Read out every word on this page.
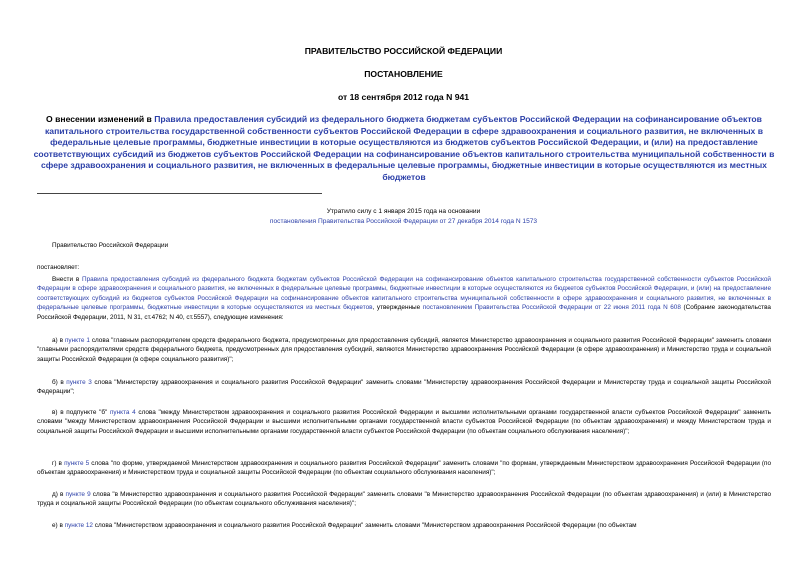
ПРАВИТЕЛЬСТВО РОССИЙСКОЙ ФЕДЕРАЦИИ
ПОСТАНОВЛЕНИЕ
от 18 сентября 2012 года N 941
О внесении изменений в Правила предоставления субсидий из федерального бюджета бюджетам субъектов Российской Федерации на софинансирование объектов капитального строительства государственной собственности субъектов Российской Федерации в сфере здравоохранения и социального развития, не включенных в федеральные целевые программы, бюджетные инвестиции в которые осуществляются из бюджетов субъектов Российской Федерации, и (или) на предоставление соответствующих субсидий из бюджетов субъектов Российской Федерации на софинансирование объектов капитального строительства муниципальной собственности в сфере здравоохранения и социального развития, не включенных в федеральные целевые программы, бюджетные инвестиции в которые осуществляются из местных бюджетов
Утратило силу с 1 января 2015 года на основании
постановления Правительства Российской Федерации от 27 декабря 2014 года N 1573
Правительство Российской Федерации
постановляет:
Внести в Правила предоставления субсидий из федерального бюджета бюджетам субъектов Российской Федерации на софинансирование объектов капитального строительства государственной собственности субъектов Российской Федерации в сфере здравоохранения и социального развития, не включенных в федеральные целевые программы, бюджетные инвестиции в которые осуществляются из бюджетов субъектов Российской Федерации, и (или) на предоставление соответствующих субсидий из бюджетов субъектов Российской Федерации на софинансирование объектов капитального строительства муниципальной собственности в сфере здравоохранения и социального развития, не включенных в федеральные целевые программы, бюджетные инвестиции в которые осуществляются из местных бюджетов, утвержденные постановлением Правительства Российской Федерации от 22 июня 2011 года N 608 (Собрание законодательства Российской Федерации, 2011, N 31, ст.4762; N 40, ст.5557), следующие изменения:
а) в пункте 1 слова "главным распорядителем средств федерального бюджета, предусмотренных для предоставления субсидий, является Министерство здравоохранения и социального развития Российской Федерации" заменить словами "главными распорядителями средств федерального бюджета, предусмотренных для предоставления субсидий, являются Министерство здравоохранения Российской Федерации (в сфере здравоохранения) и Министерство труда и социальной защиты Российской Федерации (в сфере социального развития)";
б) в пункте 3 слова "Министерству здравоохранения и социального развития Российской Федерации" заменить словами "Министерству здравоохранения Российской Федерации и Министерству труда и социальной защиты Российской Федерации";
в) в подпункте "б" пункта 4 слова "между Министерством здравоохранения и социального развития Российской Федерации и высшими исполнительными органами государственной власти субъектов Российской Федерации" заменить словами "между Министерством здравоохранения Российской Федерации и высшими исполнительными органами государственной власти субъектов Российской Федерации (по объектам здравоохранения) и между Министерством труда и социальной защиты Российской Федерации и высшими исполнительными органами государственной власти субъектов Российской Федерации (по объектам социального обслуживания населения)";
г) в пункте 5 слова "по форме, утверждаемой Министерством здравоохранения и социального развития Российской Федерации" заменить словами "по формам, утверждаемым Министерством здравоохранения Российской Федерации (по объектам здравоохранения) и Министерством труда и социальной защиты Российской Федерации (по объектам социального обслуживания населения)";
д) в пункте 9 слова "в Министерство здравоохранения и социального развития Российской Федерации" заменить словами "в Министерство здравоохранения Российской Федерации (по объектам здравоохранения) и (или) в Министерство труда и социальной защиты Российской Федерации (по объектам социального обслуживания населения)";
е) в пункте 12 слова "Министерством здравоохранения и социального развития Российской Федерации" заменить словами "Министерством здравоохранения Российской Федерации (по объектам
